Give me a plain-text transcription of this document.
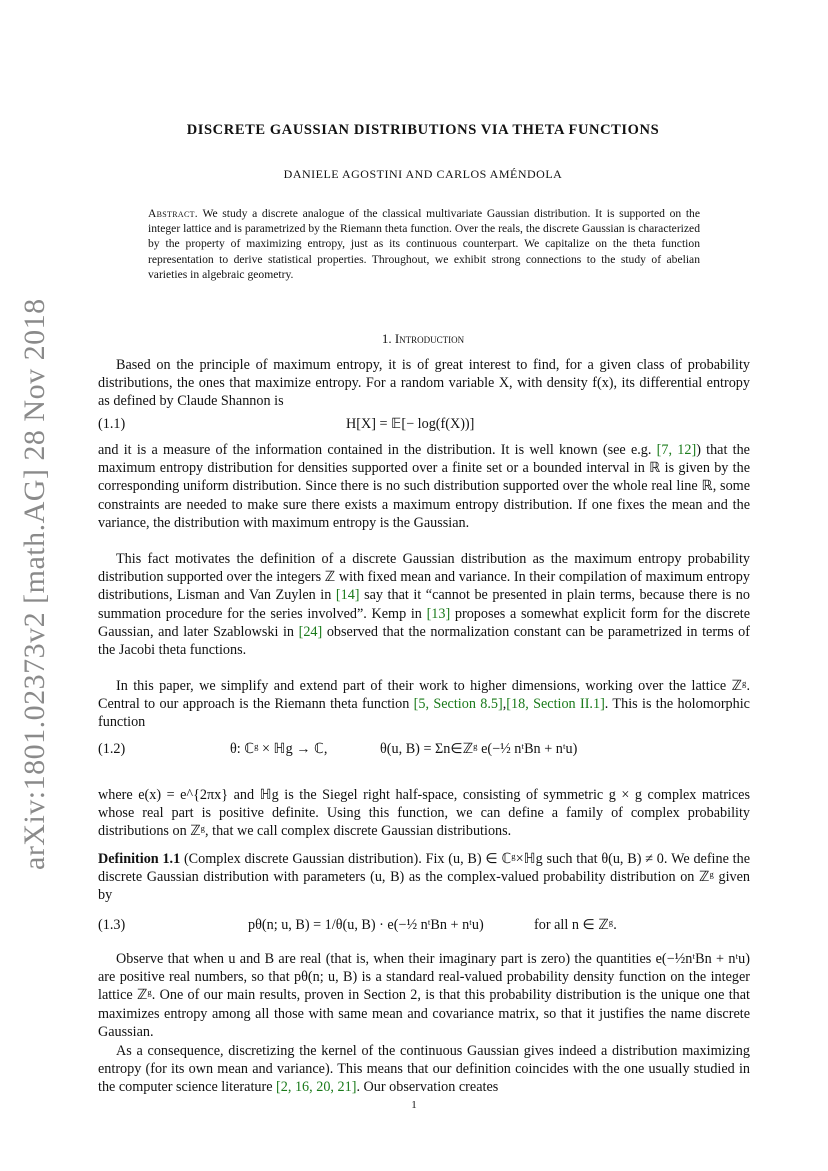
arXiv:1801.02373v2 [math.AG] 28 Nov 2018
DISCRETE GAUSSIAN DISTRIBUTIONS VIA THETA FUNCTIONS
DANIELE AGOSTINI AND CARLOS AMÉNDOLA
Abstract. We study a discrete analogue of the classical multivariate Gaussian distribution. It is supported on the integer lattice and is parametrized by the Riemann theta function. Over the reals, the discrete Gaussian is characterized by the property of maximizing entropy, just as its continuous counterpart. We capitalize on the theta function representation to derive statistical properties. Throughout, we exhibit strong connections to the study of abelian varieties in algebraic geometry.
1. Introduction

Based on the principle of maximum entropy, it is of great interest to find, for a given class of probability distributions, the ones that maximize entropy. For a random variable X, with density f(x), its differential entropy as defined by Claude Shannon is

(1.1)	H[X] = 𝔼[− log(f(X))]

and it is a measure of the information contained in the distribution. It is well known (see e.g. [7, 12]) that the maximum entropy distribution for densities supported over a finite set or a bounded interval in ℝ is given by the corresponding uniform distribution. Since there is no such distribution supported over the whole real line ℝ, some constraints are needed to make sure there exists a maximum entropy distribution. If one fixes the mean and the variance, the distribution with maximum entropy is the Gaussian.

This fact motivates the definition of a discrete Gaussian distribution as the maximum entropy probability distribution supported over the integers ℤ with fixed mean and variance. In their compilation of maximum entropy distributions, Lisman and Van Zuylen in [14] say that it “cannot be presented in plain terms, because there is no summation procedure for the series involved”. Kemp in [13] proposes a somewhat explicit form for the discrete Gaussian, and later Szablowski in [24] observed that the normalization constant can be parametrized in terms of the Jacobi theta functions.

In this paper, we simplify and extend part of their work to higher dimensions, working over the lattice ℤᵍ. Central to our approach is the Riemann theta function [5, Section 8.5],[18, Section II.1]. This is the holomorphic function

(1.2)	θ: ℂᵍ × ℍg → ℂ,	θ(u, B) = Σn∈ℤᵍ e(−½ nᵗBn + nᵗu)

where e(x) = e^{2πx} and ℍg is the Siegel right half-space, consisting of symmetric g × g complex matrices whose real part is positive definite. Using this function, we can define a family of complex probability distributions on ℤᵍ, that we call complex discrete Gaussian distributions.

Definition 1.1 (Complex discrete Gaussian distribution). Fix (u, B) ∈ ℂᵍ×ℍg such that θ(u, B) ≠ 0. We define the discrete Gaussian distribution with parameters (u, B) as the complex-valued probability distribution on ℤᵍ given by

(1.3)	pθ(n; u, B) = 1/θ(u, B) · e(−½ nᵗBn + nᵗu)	for all n ∈ ℤᵍ.

Observe that when u and B are real (that is, when their imaginary part is zero) the quantities e(−½nᵗBn + nᵗu) are positive real numbers, so that pθ(n; u, B) is a standard real-valued probability density function on the integer lattice ℤᵍ. One of our main results, proven in Section 2, is that this probability distribution is the unique one that maximizes entropy among all those with same mean and covariance matrix, so that it justifies the name discrete Gaussian.

As a consequence, discretizing the kernel of the continuous Gaussian gives indeed a distribution maximizing entropy (for its own mean and variance). This means that our definition coincides with the one usually studied in the computer science literature [2, 16, 20, 21]. Our observation creates

1
